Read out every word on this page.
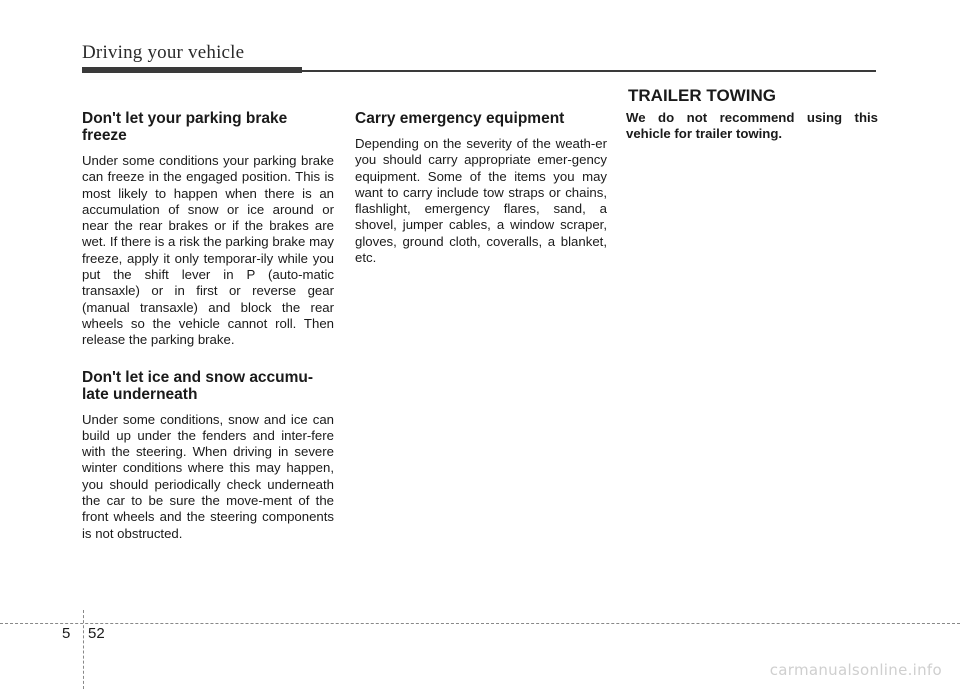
Driving your vehicle
Don't let your parking brake freeze

Under some conditions your parking brake can freeze in the engaged position. This is most likely to happen when there is an accumulation of snow or ice around or near the rear brakes or if the brakes are wet. If there is a risk the parking brake may freeze, apply it only temporar-ily while you put the shift lever in P (auto-matic transaxle) or in first or reverse gear (manual transaxle) and block the rear wheels so the vehicle cannot roll. Then release the parking brake.

Don't let ice and snow accumu-late underneath

Under some conditions, snow and ice can build up under the fenders and inter-fere with the steering. When driving in severe winter conditions where this may happen, you should periodically check underneath the car to be sure the move-ment of the front wheels and the steering components is not obstructed.

Carry emergency equipment

Depending on the severity of the weath-er you should carry appropriate emer-gency equipment. Some of the items you may want to carry include tow straps or chains, flashlight, emergency flares, sand, a shovel, jumper cables, a window scraper, gloves, ground cloth, coveralls, a blanket, etc.

TRAILER TOWING

We do not recommend using this vehicle for trailer towing.

5 52
carmanualsonline.info
